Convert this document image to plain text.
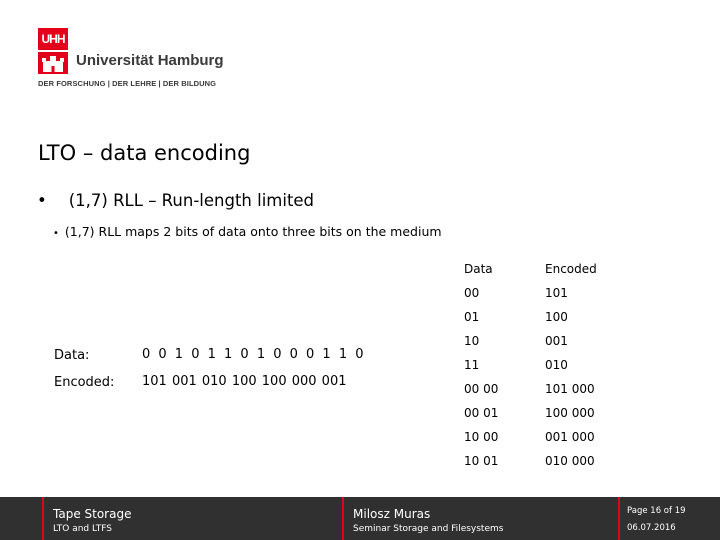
UHH
Universität Hamburg
DER FORSCHUNG | DER LEHRE | DER BILDUNG
LTO – data encoding
• (1,7) RLL – Run-length limited
• (1,7) RLL maps 2 bits of data onto three bits on the medium
Data:	0 0 1 0 1 1 0 1 0 0 0 1 1 0
Encoded: 101 001 010 100 100 000 001
Data	Encoded
00	101
01	100
10	001
11	010
00 00	101 000
00 01	100 000
10 00	001 000
10 01	010 000
Tape Storage
LTO and LTFS
Milosz Muras
Seminar Storage and Filesystems
Page 16 of 19
06.07.2016
